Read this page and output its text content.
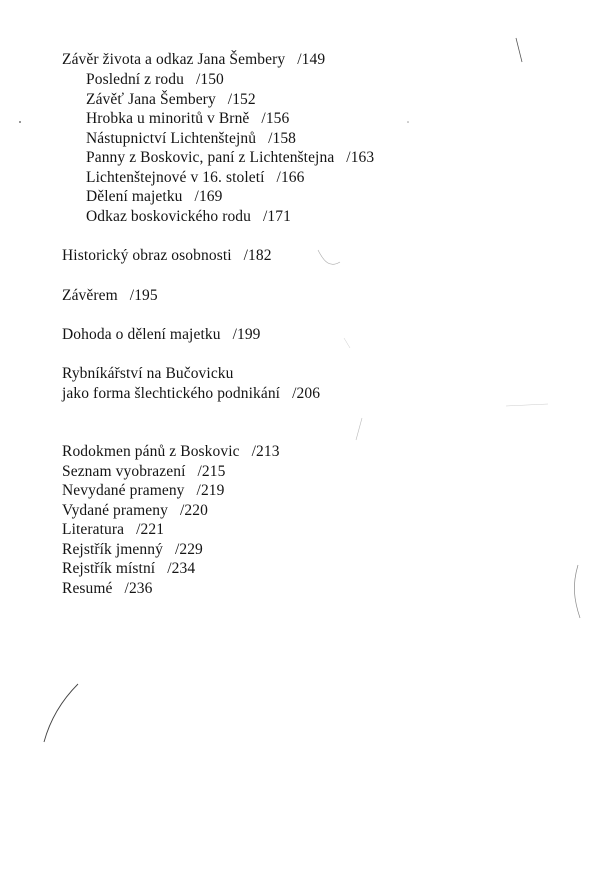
Závěr života a odkaz Jana Šembery /149
Poslední z rodu /150
Závěť Jana Šembery /152
Hrobka u minoritů v Brně /156
Nástupnictví Lichtenštejnů /158
Panny z Boskovic, paní z Lichtenštejna /163
Lichtenštejnové v 16. století /166
Dělení majetku /169
Odkaz boskovického rodu /171
Historický obraz osobnosti /182
Závěrem /195
Dohoda o dělení majetku /199
Rybníkářství na Bučovicku
jako forma šlechtického podnikání /206
Rodokmen pánů z Boskovic /213
Seznam vyobrazení /215
Nevydané prameny /219
Vydané prameny /220
Literatura /221
Rejstřík jmenný /229
Rejstřík místní /234
Resumé /236
